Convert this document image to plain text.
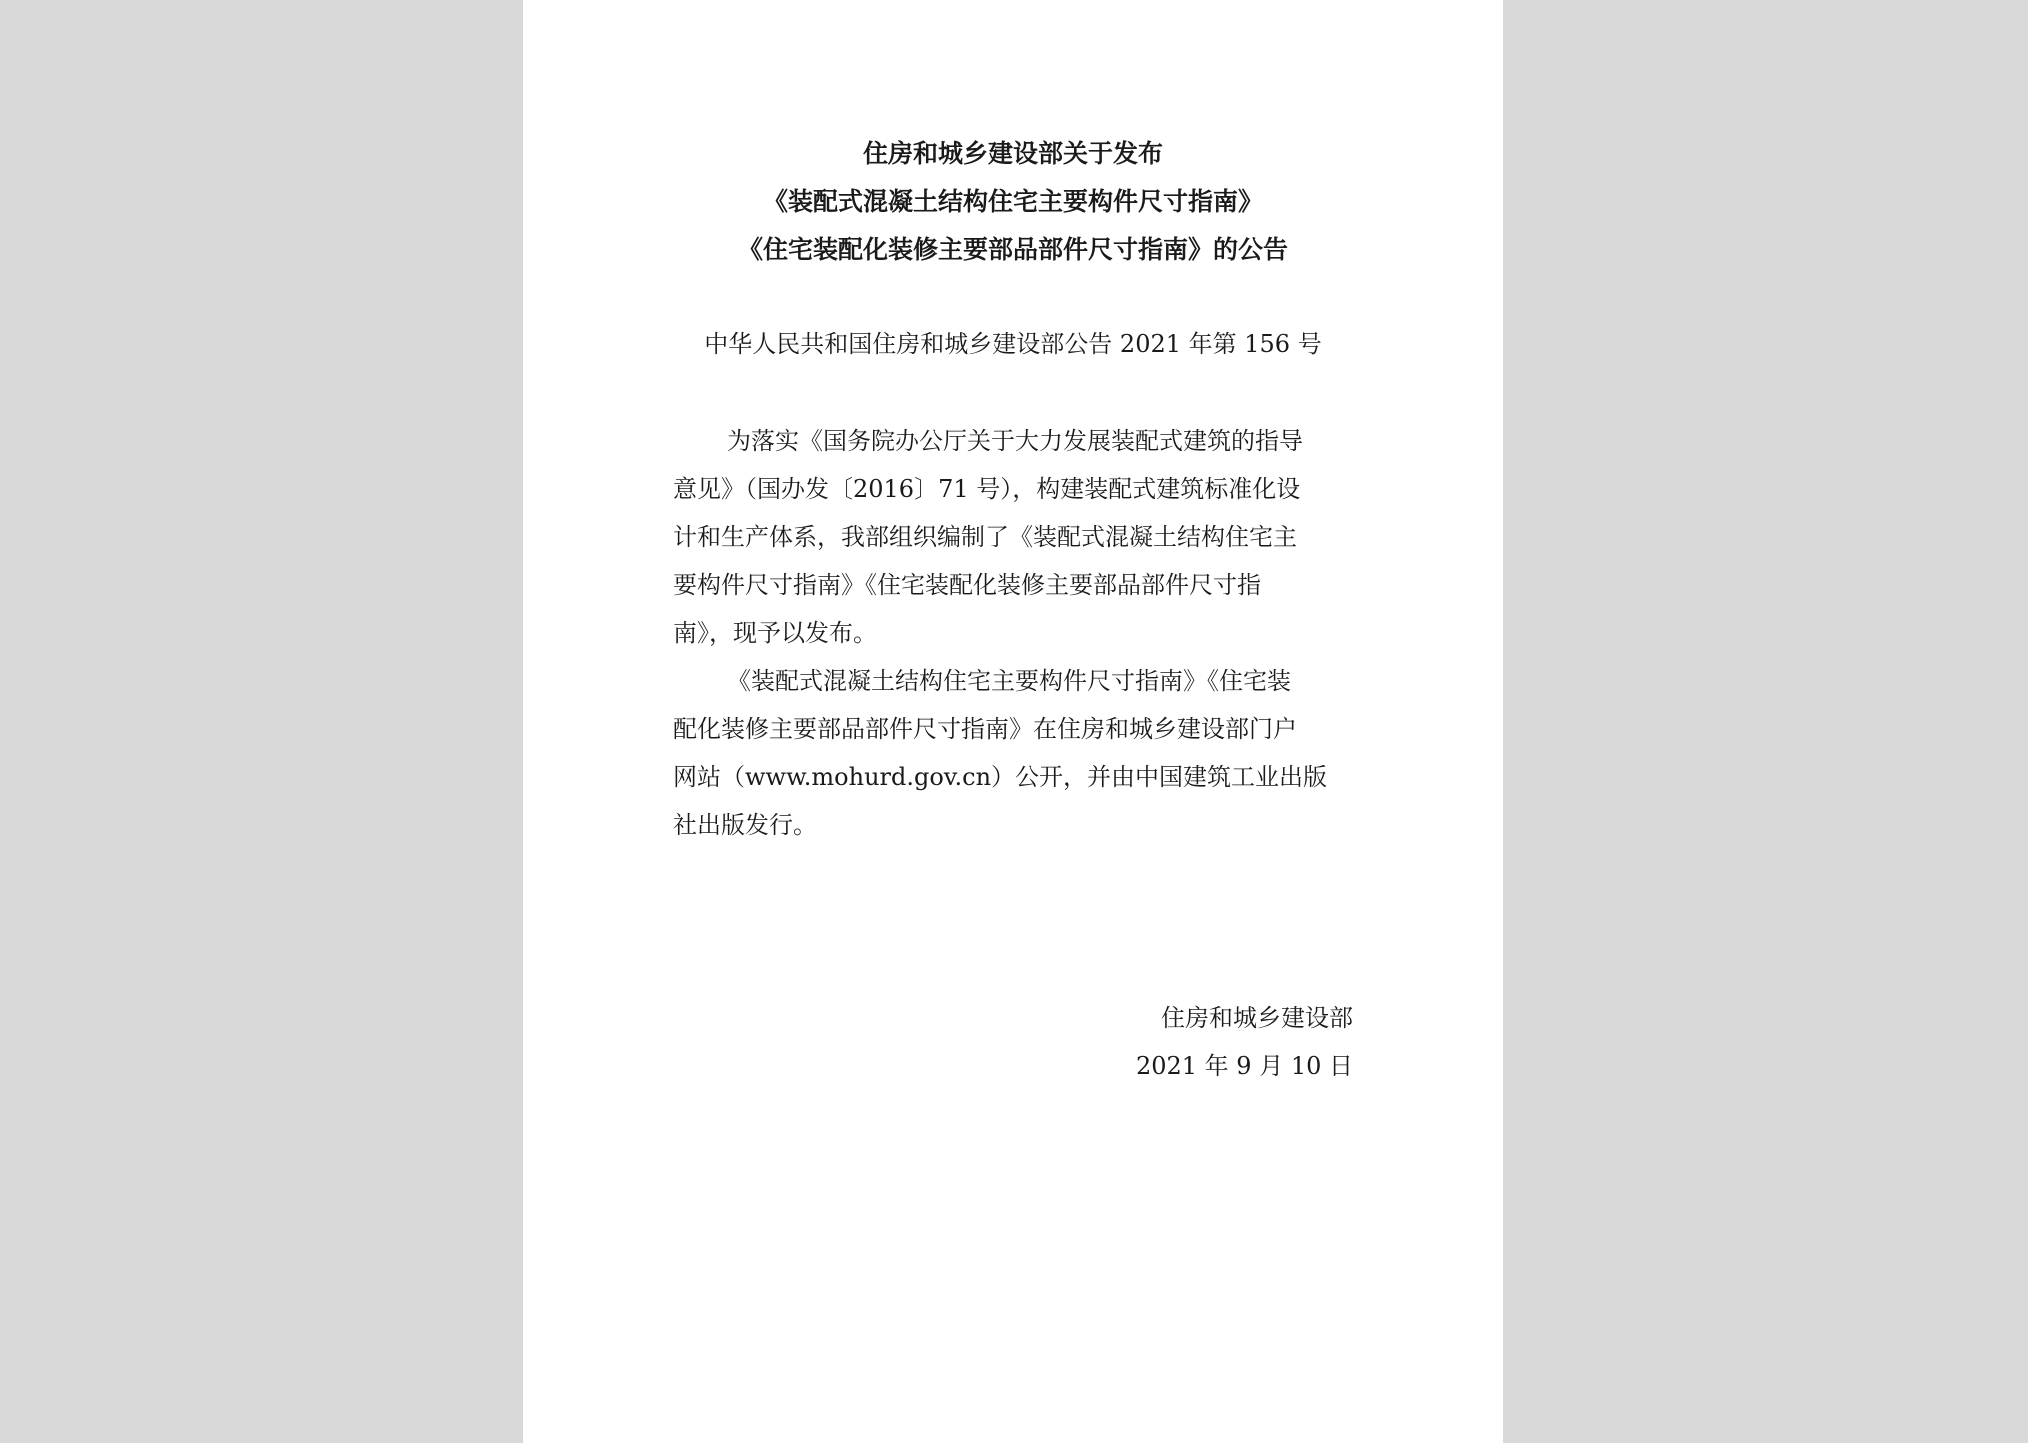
住房和城乡建设部关于发布
《装配式混凝土结构住宅主要构件尺寸指南》
《住宅装配化装修主要部品部件尺寸指南》的公告
中华人民共和国住房和城乡建设部公告 2021 年第 156 号
为落实《国务院办公厅关于大力发展装配式建筑的指导
意见》（国办发〔2016〕71 号），构建装配式建筑标准化设
计和生产体系，我部组织编制了《装配式混凝土结构住宅主
要构件尺寸指南》《住宅装配化装修主要部品部件尺寸指
南》，现予以发布。
《装配式混凝土结构住宅主要构件尺寸指南》《住宅装
配化装修主要部品部件尺寸指南》在住房和城乡建设部门户
网站（www.mohurd.gov.cn）公开，并由中国建筑工业出版
社出版发行。
住房和城乡建设部
2021 年 9 月 10 日
